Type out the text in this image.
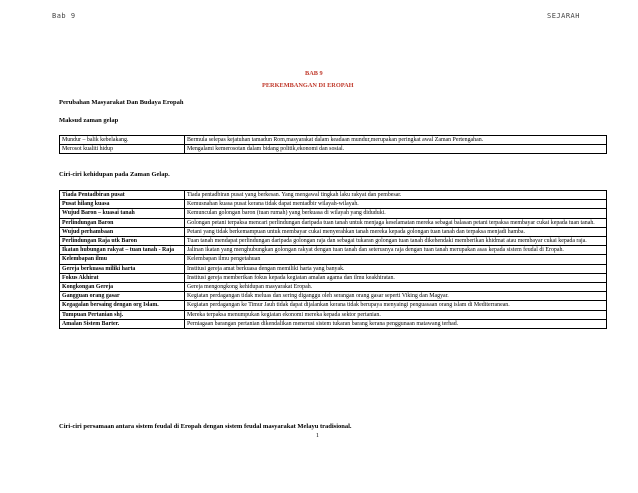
Bab 9	SEJARAH
BAB 9
PERKEMBANGAN DI EROPAH
Perubahan Masyarakat Dan Budaya Eropah
Maksud zaman gelap
Mundur – balik kebelakang.	Bermula selepas kejatuhan tamadun Rom,masyarakat dalam keadaan mundur,merupakan peringkat awal Zaman Pertengahan.
Merosot kualiti hidup	Mengalami kemerosotan dalam bidang politik,ekonomi dan sosial.
Ciri-ciri kehidupan pada Zaman Gelap.
Tiada Pentadbiran pusat	Tiada pentadbiran pusat yang berkesan. Yang mengawal tingkah laku rakyat dan pembesar.
Pusat hilang kuasa	Kemusnahan kuasa pusat kerana tidak dapat mentadbir wilayah-wilayah.
Wujud Baron – kuasai tanah	Kemunculan golongan baron (tuan rumah) yang berkuasa di wilayah yang diduduki.
Perlindungan Baron	Golongan petani terpaksa mencari perlindungan daripada tuan tanah untuk menjaga keselamatan mereka sebagai balasan petani terpaksa membayar cukai kepada tuan tanah.
Wujud perhambaan	Petani yang tidak berkemampuan untuk membayar cukai menyerahkan tanah mereka kepada golongan tuan tanah dan terpaksa menjadi hamba.
Perlindungan Raja utk Baron	Tuan tanah mendapat perlindungan daripada golongan raja dan sebagai tukaran golongan tuan tanah dikehendaki memberikan khidmat atau membayar cukai kepada raja.
Ikatan hubungan rakyat – tuan tanah - Raja	Jalinan ikatan yang menghubungkan golongan rakyat dengan tuan tanah dan seterusnya raja dengan tuan tanah merupakan asas kepada sistem feudal di Eropah.
Kelembapan ilmu	Kelembapan ilmu pengetahuan
Gereja berkuasa miliki harta	Institusi gereja amat berkuasa dengan memiliki harta yang banyak.
Fokus Akhirat	Institusi gereja memberikan fokus kepada kegiatan amalan agama dan ilmu keakhiratan.
Kongkongan Gereja	Gereja mengongkong kehidupan masyarakat Eropah.
Gangguan orang gasar	Kegiatan perdagangan tidak meluas dan sering diganggu oleh serangan orang gasar seperti Viking dan Magyar.
Kegagalan bersaing dengan org Islam.	Kegiatan perdagangan ke Timur Jauh tidak dapat dijalankan kerana tidak berupaya menyaingi penguasaan orang islam di Mediterranean.
Tumpuan Pertanian shj.	Mereka terpaksa menumpukan kegiatan ekonomi mereka kepada sektor pertanian.
Amalan Sistem Barter.	Perniagaan barangan pertanian dikendalikan menerusi sistem tukaran barang kerana penggunaan matawang terhad.
Ciri-ciri persamaan antara sistem feudal di Eropah dengan sistem feudal masyarakat Melayu tradisional.
1
